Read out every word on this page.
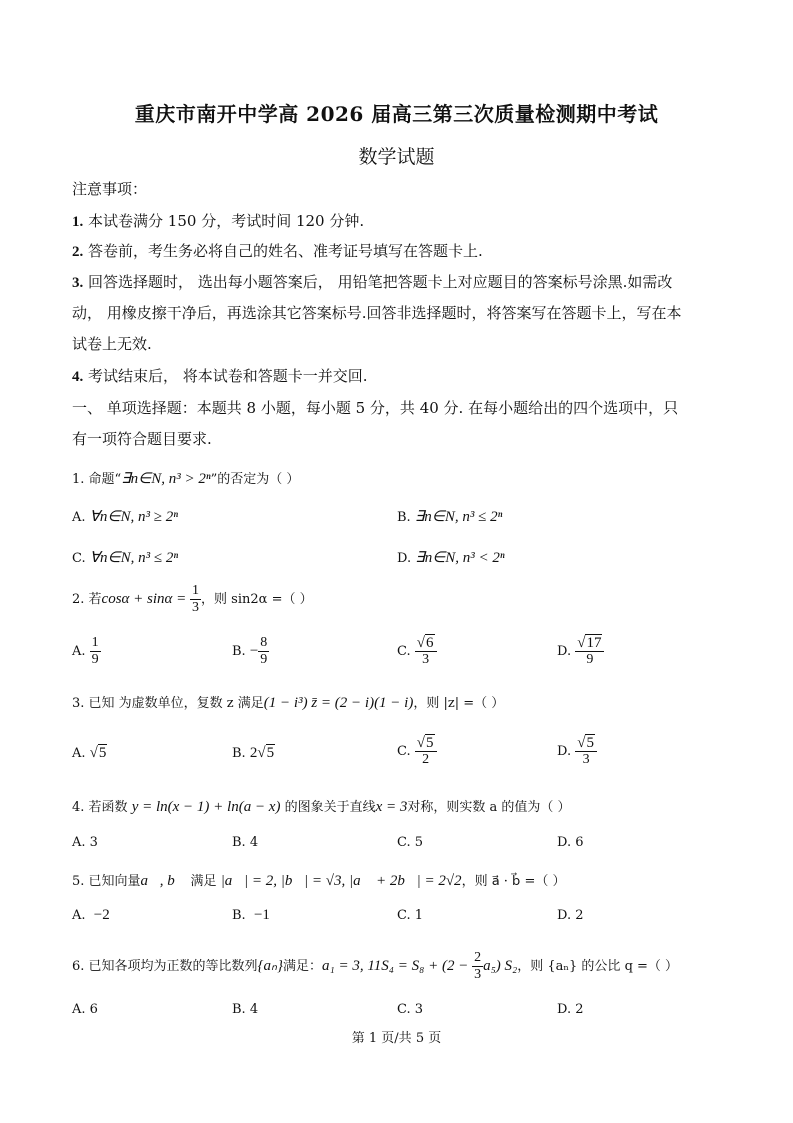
重庆市南开中学高 2026 届高三第三次质量检测期中考试
数学试题
注意事项：
1. 本试卷满分 150 分，考试时间 120 分钟.
2. 答卷前，考生务必将自己的姓名、准考证号填写在答题卡上.
3. 回答选择题时， 选出每小题答案后， 用铅笔把答题卡上对应题目的答案标号涂黑.如需改
动， 用橡皮擦干净后，再选涂其它答案标号.回答非选择题时，将答案写在答题卡上，写在本
试卷上无效.
4. 考试结束后， 将本试卷和答题卡一并交回.
一、 单项选择题：本题共 8 小题，每小题 5 分，共 40 分. 在每小题给出的四个选项中，只
有一项符合题目要求.
1. 命题“∃n∈N, n³ > 2ⁿ”的否定为（ ）
A. ∀n∈N, n³ ≥ 2ⁿ	B. ∃n∈N, n³ ≤ 2ⁿ
C. ∀n∈N, n³ ≤ 2ⁿ	D. ∃n∈N, n³ < 2ⁿ
2. 若$\cos\alpha + \sin\alpha = \frac{1}{3}$ ，则 sin2α =（ ）
A. $\frac{1}{9}$	B. − $\frac{8}{9}$	C. $\frac{√6}{3}$	D. $\frac{√17}{9}$
3. 已知 为虚数单位，复数 z 满足(1 − i³) z̄ = (2 − i)(1 − i)，则 |z| =（ ）
A. √5	B. 2√5	C. $\frac{√5}{2}$	D. $\frac{√5}{3}$
4. 若函数 y = ln(x − 1) + ln(a − x) 的图象关于直线x = 3对称，则实数 a 的值为（ ）
A. 3	B. 4	C. 5	D. 6
5. 已知向量a⃗, b⃗ 满足 |a⃗| = 2, |b⃗| = √3, |a⃗ + 2b⃗| = 2√2，则 a⃗ · b⃗ =（ ）
A. −2	B. −1	C. 1	D. 2
6. 已知各项均为正数的等比数列{aₙ}满足：a₁ = 3, $11S_4 = S_8 + (2 - \frac{2}{3} a_5)$ S₂，则 {aₙ} 的公比 q =（ ）
A. 6	B. 4	C. 3	D. 2
第 1 页/共 5 页
